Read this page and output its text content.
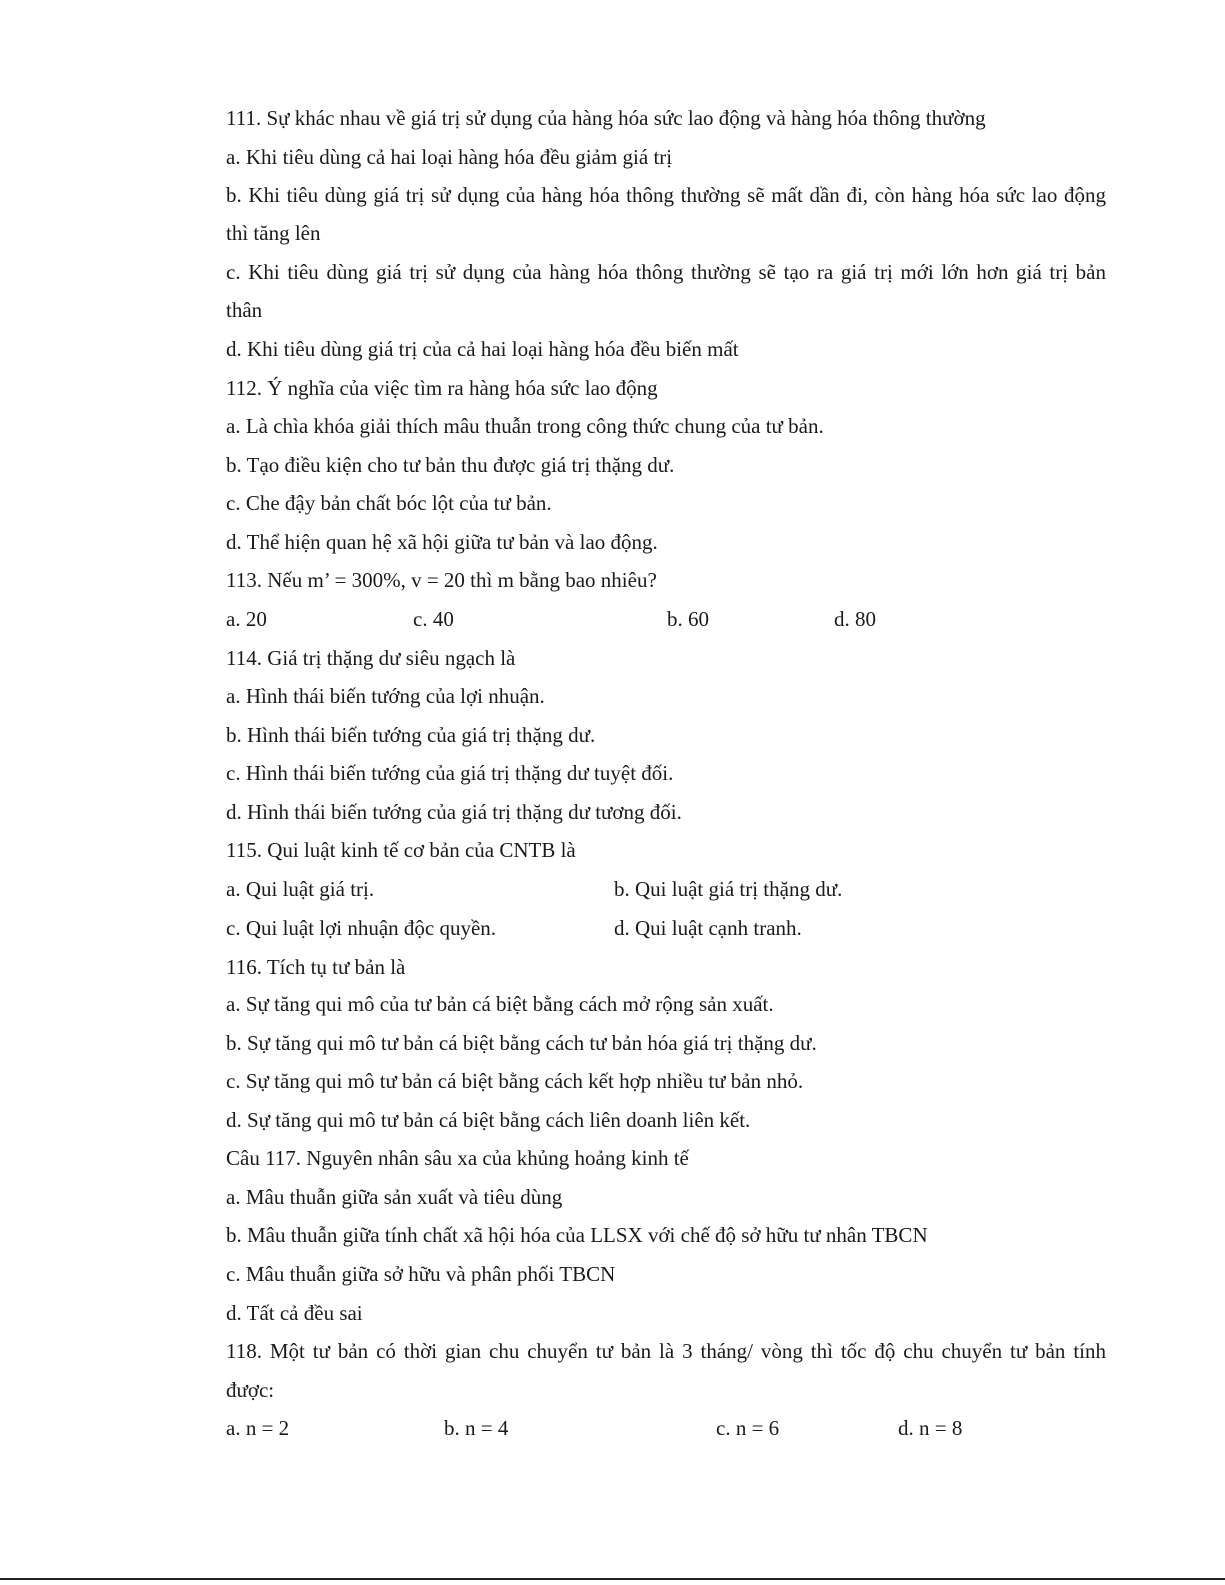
111. Sự khác nhau về giá trị sử dụng của hàng hóa sức lao động và hàng hóa thông thường
a. Khi tiêu dùng cả hai loại hàng hóa đều giảm giá trị
b. Khi tiêu dùng giá trị sử dụng của hàng hóa thông thường sẽ mất dần đi, còn hàng hóa sức lao động
thì tăng lên
c. Khi tiêu dùng giá trị sử dụng của hàng hóa thông thường sẽ tạo ra giá trị mới lớn hơn giá trị bản
thân
d. Khi tiêu dùng giá trị của cả hai loại hàng hóa đều biến mất
112. Ý nghĩa của việc tìm ra hàng hóa sức lao động
a. Là chìa khóa giải thích mâu thuẫn trong công thức chung của tư bản.
b. Tạo điều kiện cho tư bản thu được giá trị thặng dư.
c. Che đậy bản chất bóc lột của tư bản.
d. Thể hiện quan hệ xã hội giữa tư bản và lao động.
113. Nếu m’ = 300%, v = 20 thì m bằng bao nhiêu?
a. 20	c. 40	b. 60	d. 80
114. Giá trị thặng dư siêu ngạch là
a. Hình thái biến tướng của lợi nhuận.
b. Hình thái biến tướng của giá trị thặng dư.
c. Hình thái biến tướng của giá trị thặng dư tuyệt đối.
d. Hình thái biến tướng của giá trị thặng dư tương đối.
115. Qui luật kinh tế cơ bản của CNTB là
a. Qui luật giá trị.	b. Qui luật giá trị thặng dư.
c. Qui luật lợi nhuận độc quyền.	d. Qui luật cạnh tranh.
116. Tích tụ tư bản là
a. Sự tăng qui mô của tư bản cá biệt bằng cách mở rộng sản xuất.
b. Sự tăng qui mô tư bản cá biệt bằng cách tư bản hóa giá trị thặng dư.
c. Sự tăng qui mô tư bản cá biệt bằng cách kết hợp nhiều tư bản nhỏ.
d. Sự tăng qui mô tư bản cá biệt bằng cách liên doanh liên kết.
Câu 117. Nguyên nhân sâu xa của khủng hoảng kinh tế
a. Mâu thuẫn giữa sản xuất và tiêu dùng
b. Mâu thuẫn giữa tính chất xã hội hóa của LLSX với chế độ sở hữu tư nhân TBCN
c. Mâu thuẫn giữa sở hữu và phân phối TBCN
d. Tất cả đều sai
118. Một tư bản có thời gian chu chuyển tư bản là 3 tháng/ vòng thì tốc độ chu chuyển tư bản tính
được:
a. n = 2	b. n = 4	c. n = 6	d. n = 8
